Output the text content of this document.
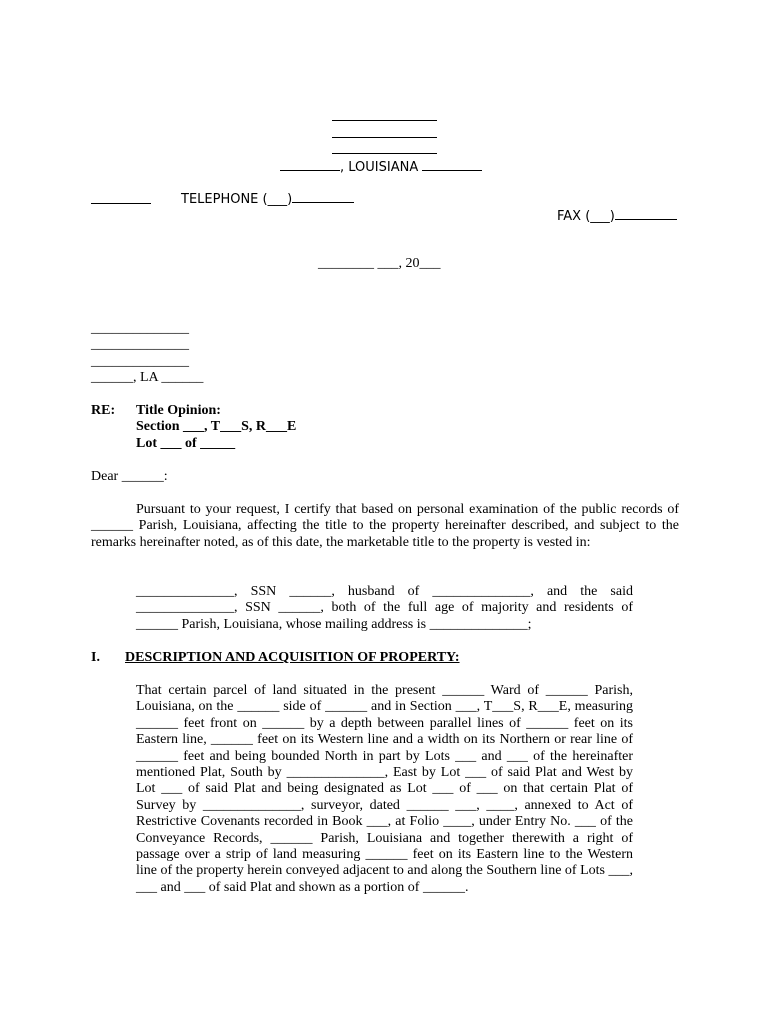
, LOUISIANA
TELEPHONE (___)
FAX (___)
________ ___, 20___
______________
______________
______________
______, LA ______
RE: Title Opinion:
Section ___, T___S, R___E
Lot ___ of _____
Dear ______:
Pursuant to your request, I certify that based on personal examination of the public records of ______ Parish, Louisiana, affecting the title to the property hereinafter described, and subject to the remarks hereinafter noted, as of this date, the marketable title to the property is vested in:
______________, SSN ______, husband of ______________, and the said
______________ , SSN ______, both of the full age of majority and residents of
______ Parish, Louisiana, whose mailing address is ______________;
I. DESCRIPTION AND ACQUISITION OF PROPERTY:
That certain parcel of land situated in the present ______ Ward of ______ Parish, Louisiana, on the ______ side of ______ and in Section ___, T___S, R___E, measuring ______ feet front on ______ by a depth between parallel lines of ______ feet on its Eastern line, ______ feet on its Western line and a width on its Northern or rear line of ______ feet and being bounded North in part by Lots ___ and ___ of the hereinafter mentioned Plat, South by ______________, East by Lot ___ of said Plat and West by Lot ___ of said Plat and being designated as Lot ___ of ___ on that certain Plat of Survey by ______________, surveyor, dated ______ ___, ____, annexed to Act of Restrictive Covenants recorded in Book ___, at Folio ____, under Entry No. ___ of the Conveyance Records, ______ Parish, Louisiana and together therewith a right of passage over a strip of land measuring ______ feet on its Eastern line to the Western line of the property herein conveyed adjacent to and along the Southern line of Lots ___, ___ and ___ of said Plat and shown as a portion of ______.
